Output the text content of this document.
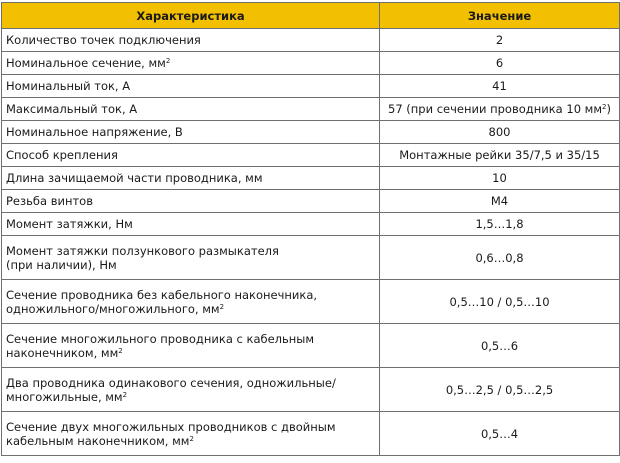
Характеристика	Значение
Количество точек подключения	2
Номинальное сечение, $мм^2$	6
Номинальный ток, А	41
Максимальный ток, А	57 (при сечении проводника 10 $мм^2$)
Номинальное напряжение, В	800
Способ крепления	Монтажные рейки 35/7,5 и 35/15
Длина зачищаемой части проводника, мм	10
Резьба винтов	М4
Момент затяжки, Нм	1,5…1,8
Момент затяжки ползункового размыкателя
(при наличии), Нм	0,6…0,8
Сечение проводника без кабельного наконечника,
одножильного/многожильного, $мм^2$	0,5…10 / 0,5…10
Сечение многожильного проводника с кабельным
наконечником, $мм^2$	0,5…6
Два проводника одинакового сечения, одножильные/
многожильные, $мм^2$	0,5…2,5 / 0,5…2,5
Сечение двух многожильных проводников с двойным
кабельным наконечником, $мм^2$	0,5…4
